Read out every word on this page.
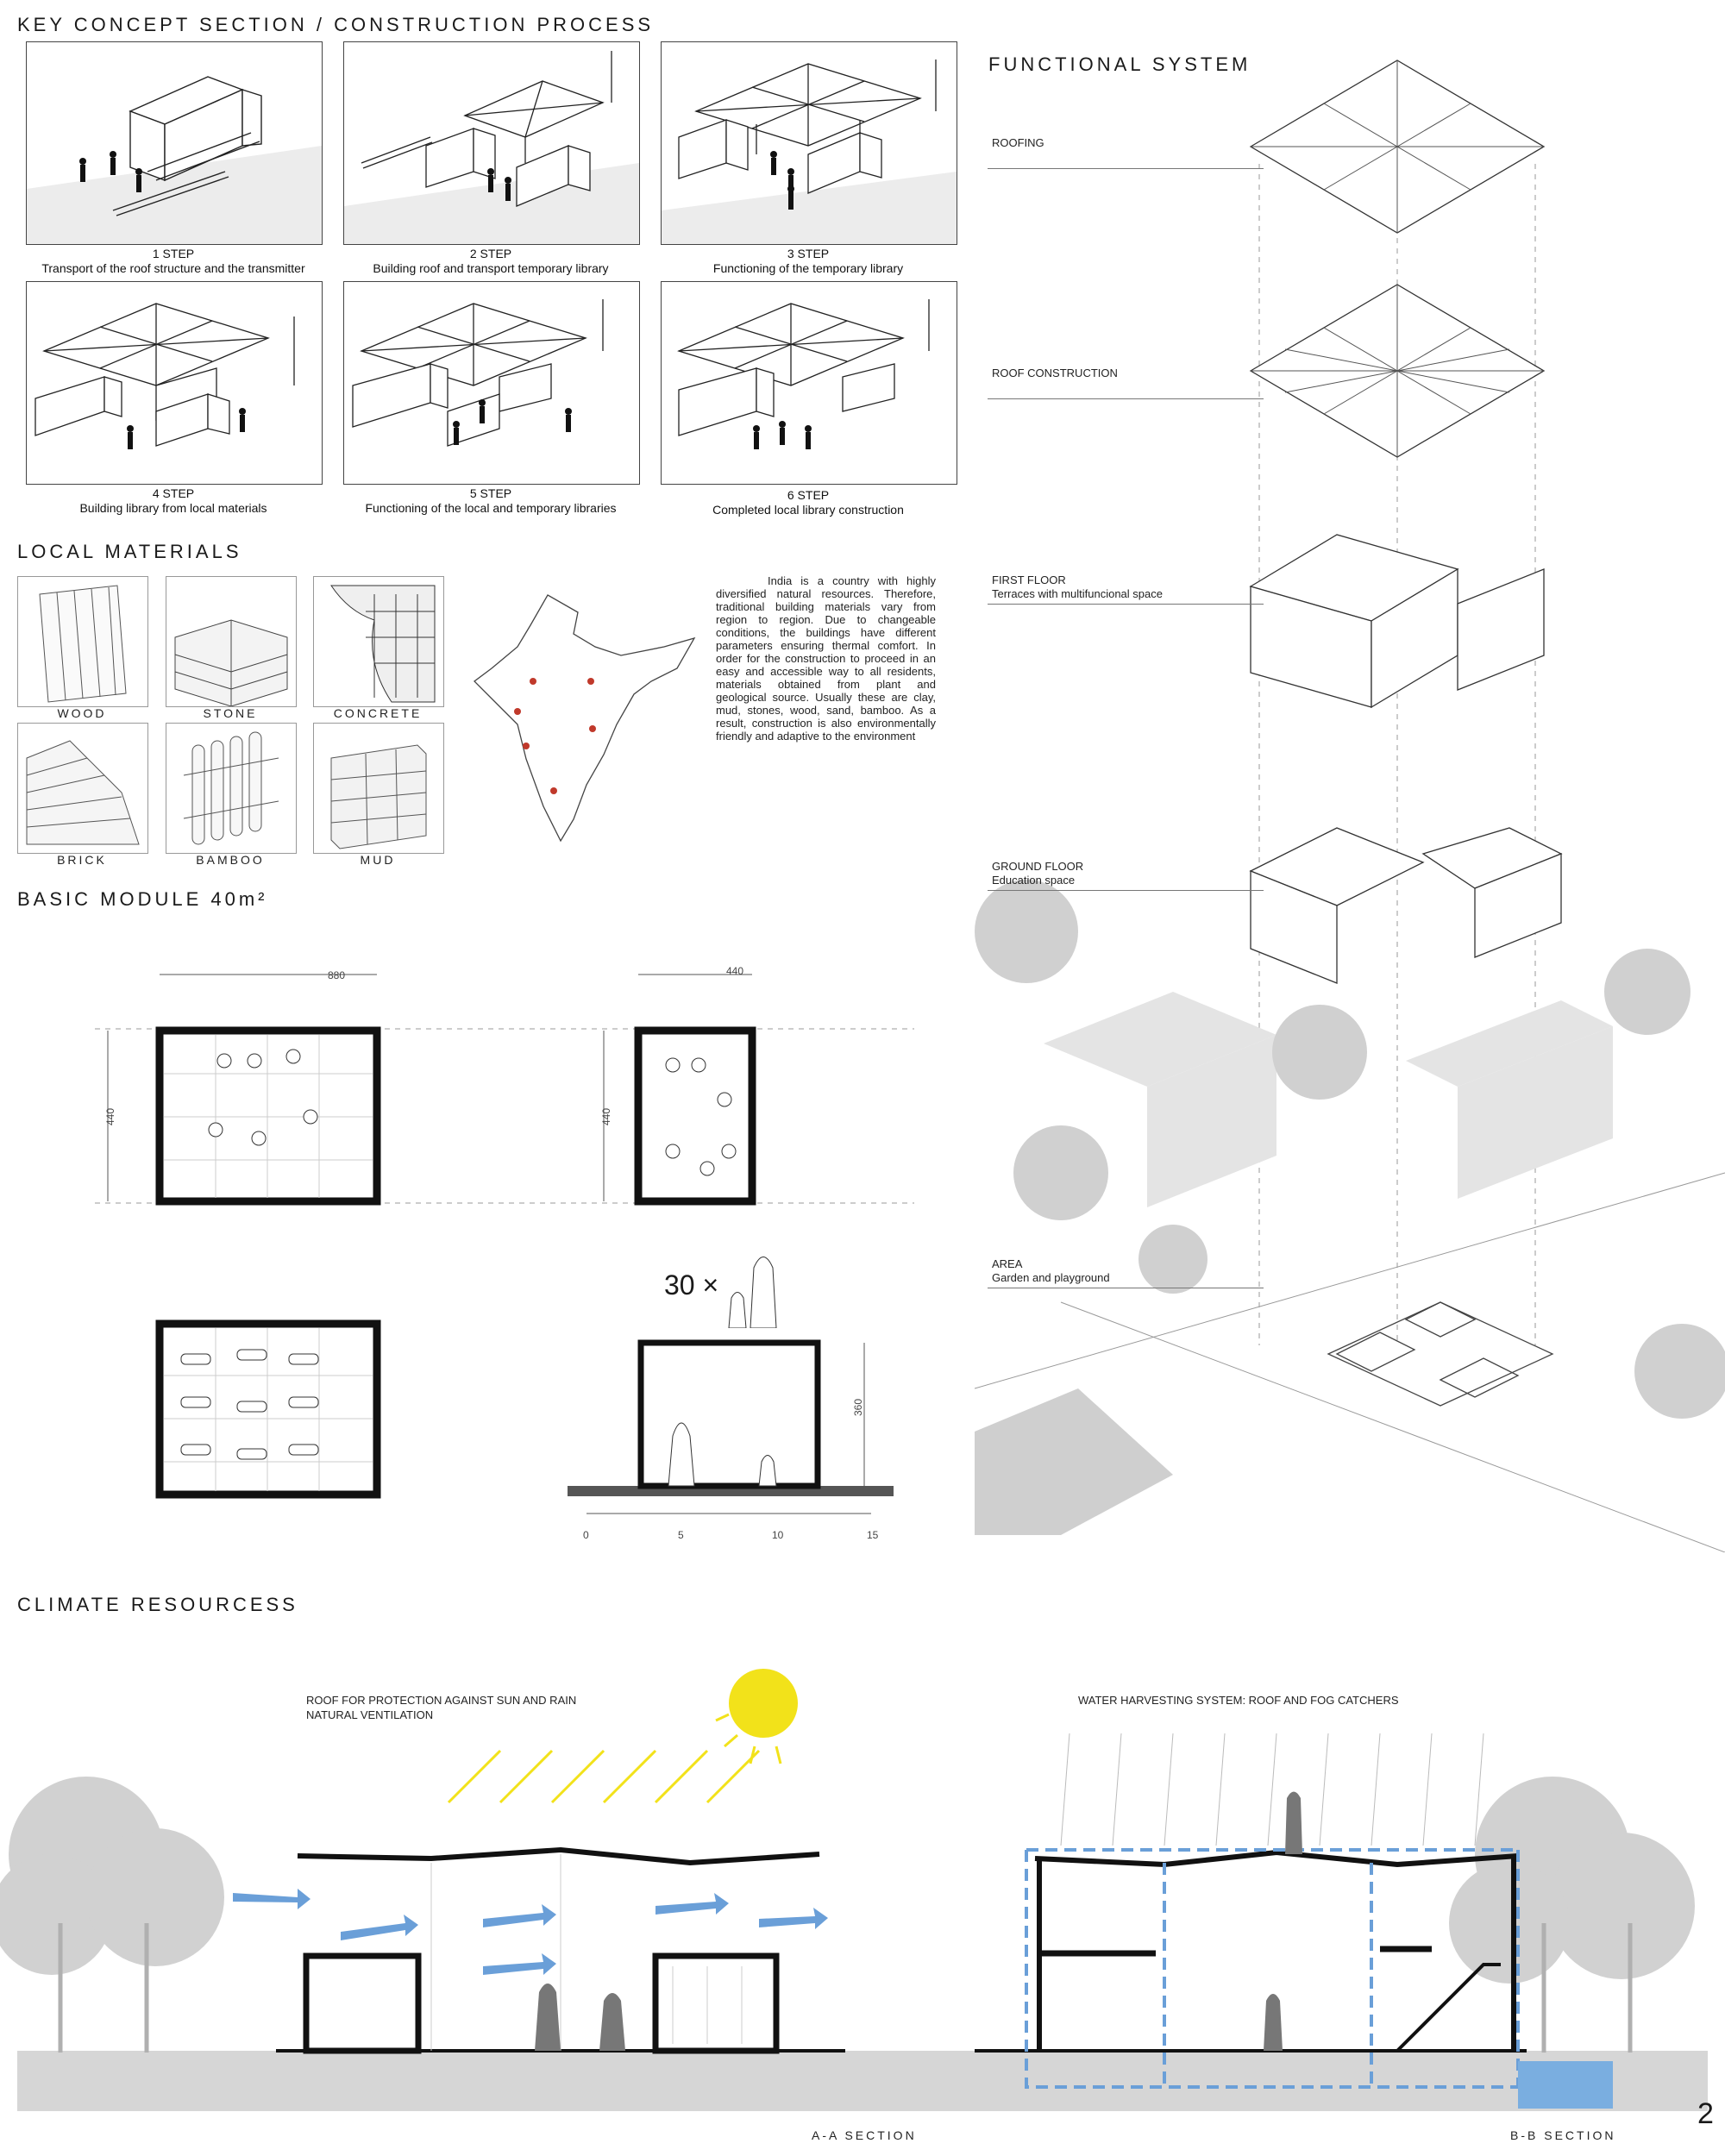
KEY CONCEPT SECTION / CONSTRUCTION PROCESS
FUNCTIONAL SYSTEM
LOCAL MATERIALS
BASIC MODULE 40m²
CLIMATE RESOURCESS
1 STEP
Transport of the roof structure and the transmitter
2 STEP
Building roof and transport temporary library
3 STEP
Functioning of the temporary library
4 STEP
Building library from local materials
5 STEP
Functioning of the local and temporary libraries
6 STEP
Completed local library construction
WOOD	STONE	CONCRETE
BRICK	BAMBOO	MUD
India is a country with highly diversified natural resources. Therefore, traditional building materials vary from region to region. Due to changeable conditions, the buildings have different parameters ensuring thermal comfort. In order for the construction to proceed in an easy and accessible way to all residents, materials obtained from plant and geological source. Usually these are clay, mud, stones, wood, sand, bamboo. As a result, construction is also environmentally friendly and adaptive to the environment
880	440
440	440
360
30 ×
0	5	10	15
ROOFING
ROOF CONSTRUCTION
FIRST FLOOR
Terraces with multifuncional space
GROUND FLOOR
Education space
AREA
Garden and playground
ROOF FOR PROTECTION AGAINST SUN AND RAIN
NATURAL VENTILATION
WATER HARVESTING SYSTEM: ROOF AND FOG CATCHERS
A-A SECTION	B-B SECTION
2
